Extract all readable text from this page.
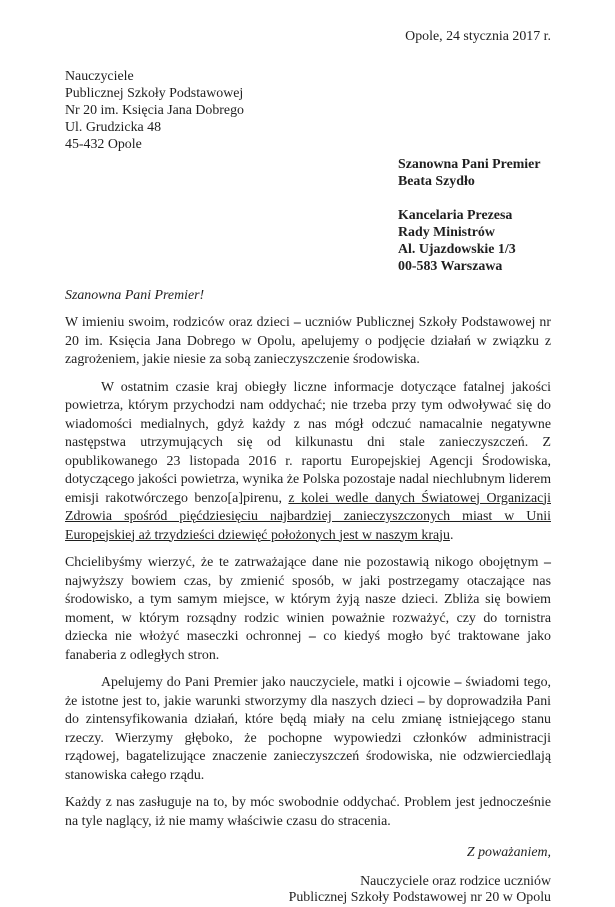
Opole, 24 stycznia 2017 r.
Nauczyciele
Publicznej Szkoły Podstawowej
Nr 20 im. Księcia Jana Dobrego
Ul. Grudzicka 48
45-432 Opole
Szanowna Pani Premier
Beata Szydło
Kancelaria Prezesa
Rady Ministrów
Al. Ujazdowskie 1/3
00-583 Warszawa
Szanowna Pani Premier!

W imieniu swoim, rodziców oraz dzieci – uczniów Publicznej Szkoły Podstawowej nr 20 im. Księcia Jana Dobrego w Opolu, apelujemy o podjęcie działań w związku z zagrożeniem, jakie niesie za sobą zanieczyszczenie środowiska.

W ostatnim czasie kraj obiegły liczne informacje dotyczące fatalnej jakości powietrza, którym przychodzi nam oddychać; nie trzeba przy tym odwoływać się do wiadomości medialnych, gdyż każdy z nas mógł odczuć namacalnie negatywne następstwa utrzymujących się od kilkunastu dni stale zanieczyszczeń. Z opublikowanego 23 listopada 2016 r. raportu Europejskiej Agencji Środowiska, dotyczącego jakości powietrza, wynika że Polska pozostaje nadal niechlubnym liderem emisji rakotwórczego benzo[a]pirenu, z kolei wedle danych Światowej Organizacji Zdrowia spośród pięćdziesięciu najbardziej zanieczyszczonych miast w Unii Europejskiej aż trzydzieści dziewięć położonych jest w naszym kraju.

Chcielibyśmy wierzyć, że te zatrważające dane nie pozostawią nikogo obojętnym – najwyższy bowiem czas, by zmienić sposób, w jaki postrzegamy otaczające nas środowisko, a tym samym miejsce, w którym żyją nasze dzieci. Zbliża się bowiem moment, w którym rozsądny rodzic winien poważnie rozważyć, czy do tornistra dziecka nie włożyć maseczki ochronnej – co kiedyś mogło być traktowane jako fanaberia z odległych stron.

Apelujemy do Pani Premier jako nauczyciele, matki i ojcowie – świadomi tego, że istotne jest to, jakie warunki stworzymy dla naszych dzieci – by doprowadziła Pani do zintensyfikowania działań, które będą miały na celu zmianę istniejącego stanu rzeczy. Wierzymy głęboko, że pochopne wypowiedzi członków administracji rządowej, bagatelizujące znaczenie zanieczyszczeń środowiska, nie odzwierciedlają stanowiska całego rządu.

Każdy z nas zasługuje na to, by móc swobodnie oddychać. Problem jest jednocześnie na tyle naglący, iż nie mamy właściwie czasu do stracenia.

Z poważaniem,
Nauczyciele oraz rodzice uczniów
Publicznej Szkoły Podstawowej nr 20 w Opolu
